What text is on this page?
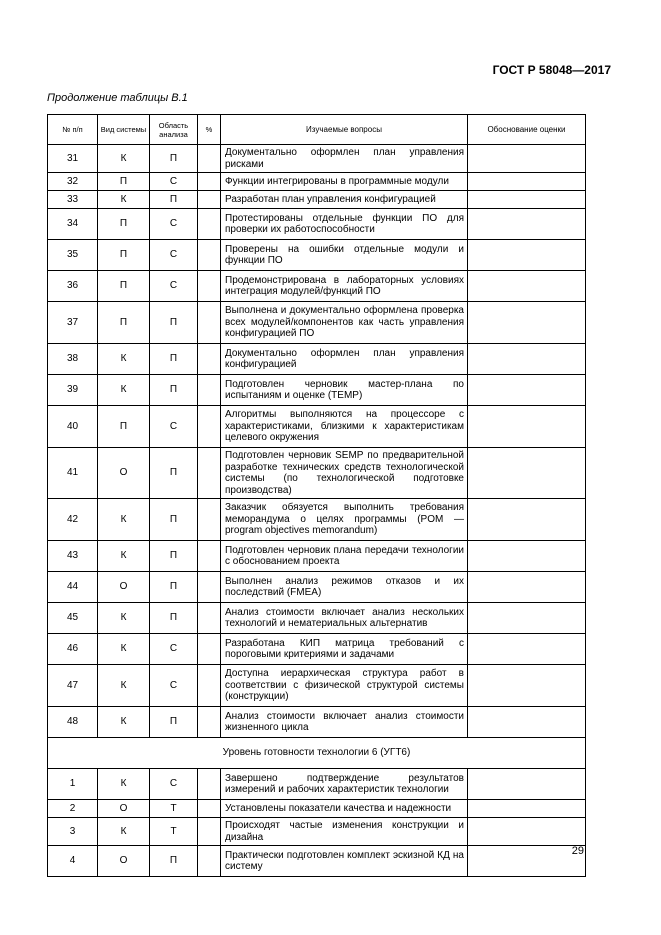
ГОСТ Р 58048—2017
Продолжение таблицы В.1
№ п/п	Вид системы	Область анализа	%	Изучаемые вопросы	Обоснование оценки
31	К	П		Документально оформлен план управления рисками	
32	П	С		Функции интегрированы в программные модули	
33	К	П		Разработан план управления конфигурацией	
34	П	С		Протестированы отдельные функции ПО для проверки их работоспособности	
35	П	С		Проверены на ошибки отдельные модули и функции ПО	
36	П	С		Продемонстрирована в лабораторных условиях интеграция модулей/функций ПО	
37	П	П		Выполнена и документально оформлена проверка всех модулей/компонентов как часть управления конфигурацией ПО	
38	К	П		Документально оформлен план управления конфигурацией	
39	К	П		Подготовлен черновик мастер-плана по испытаниям и оценке (TEMP)	
40	П	С		Алгоритмы выполняются на процессоре с характеристиками, близкими к характеристикам целевого окружения	
41	О	П		Подготовлен черновик SEMP по предварительной разработке технических средств технологической системы (по технологической подготовке производства)	
42	К	П		Заказчик обязуется выполнить требования меморандума о целях программы (POM — program objectives memorandum)	
43	К	П		Подготовлен черновик плана передачи технологии с обоснованием проекта	
44	О	П		Выполнен анализ режимов отказов и их последствий (FMEA)	
45	К	П		Анализ стоимости включает анализ нескольких технологий и нематериальных альтернатив	
46	К	С		Разработана КИП матрица требований с пороговыми критериями и задачами	
47	К	С		Доступна иерархическая структура работ в соответствии с физической структурой системы (конструкции)	
48	К	П		Анализ стоимости включает анализ стоимости жизненного цикла	
Уровень готовности технологии 6 (УГТ6)					
1	К	С		Завершено подтверждение результатов измерений и рабочих характеристик технологии	
2	О	Т		Установлены показатели качества и надежности	
3	К	Т		Происходят частые изменения конструкции и дизайна	
4	О	П		Практически подготовлен комплект эскизной КД на систему	
29
